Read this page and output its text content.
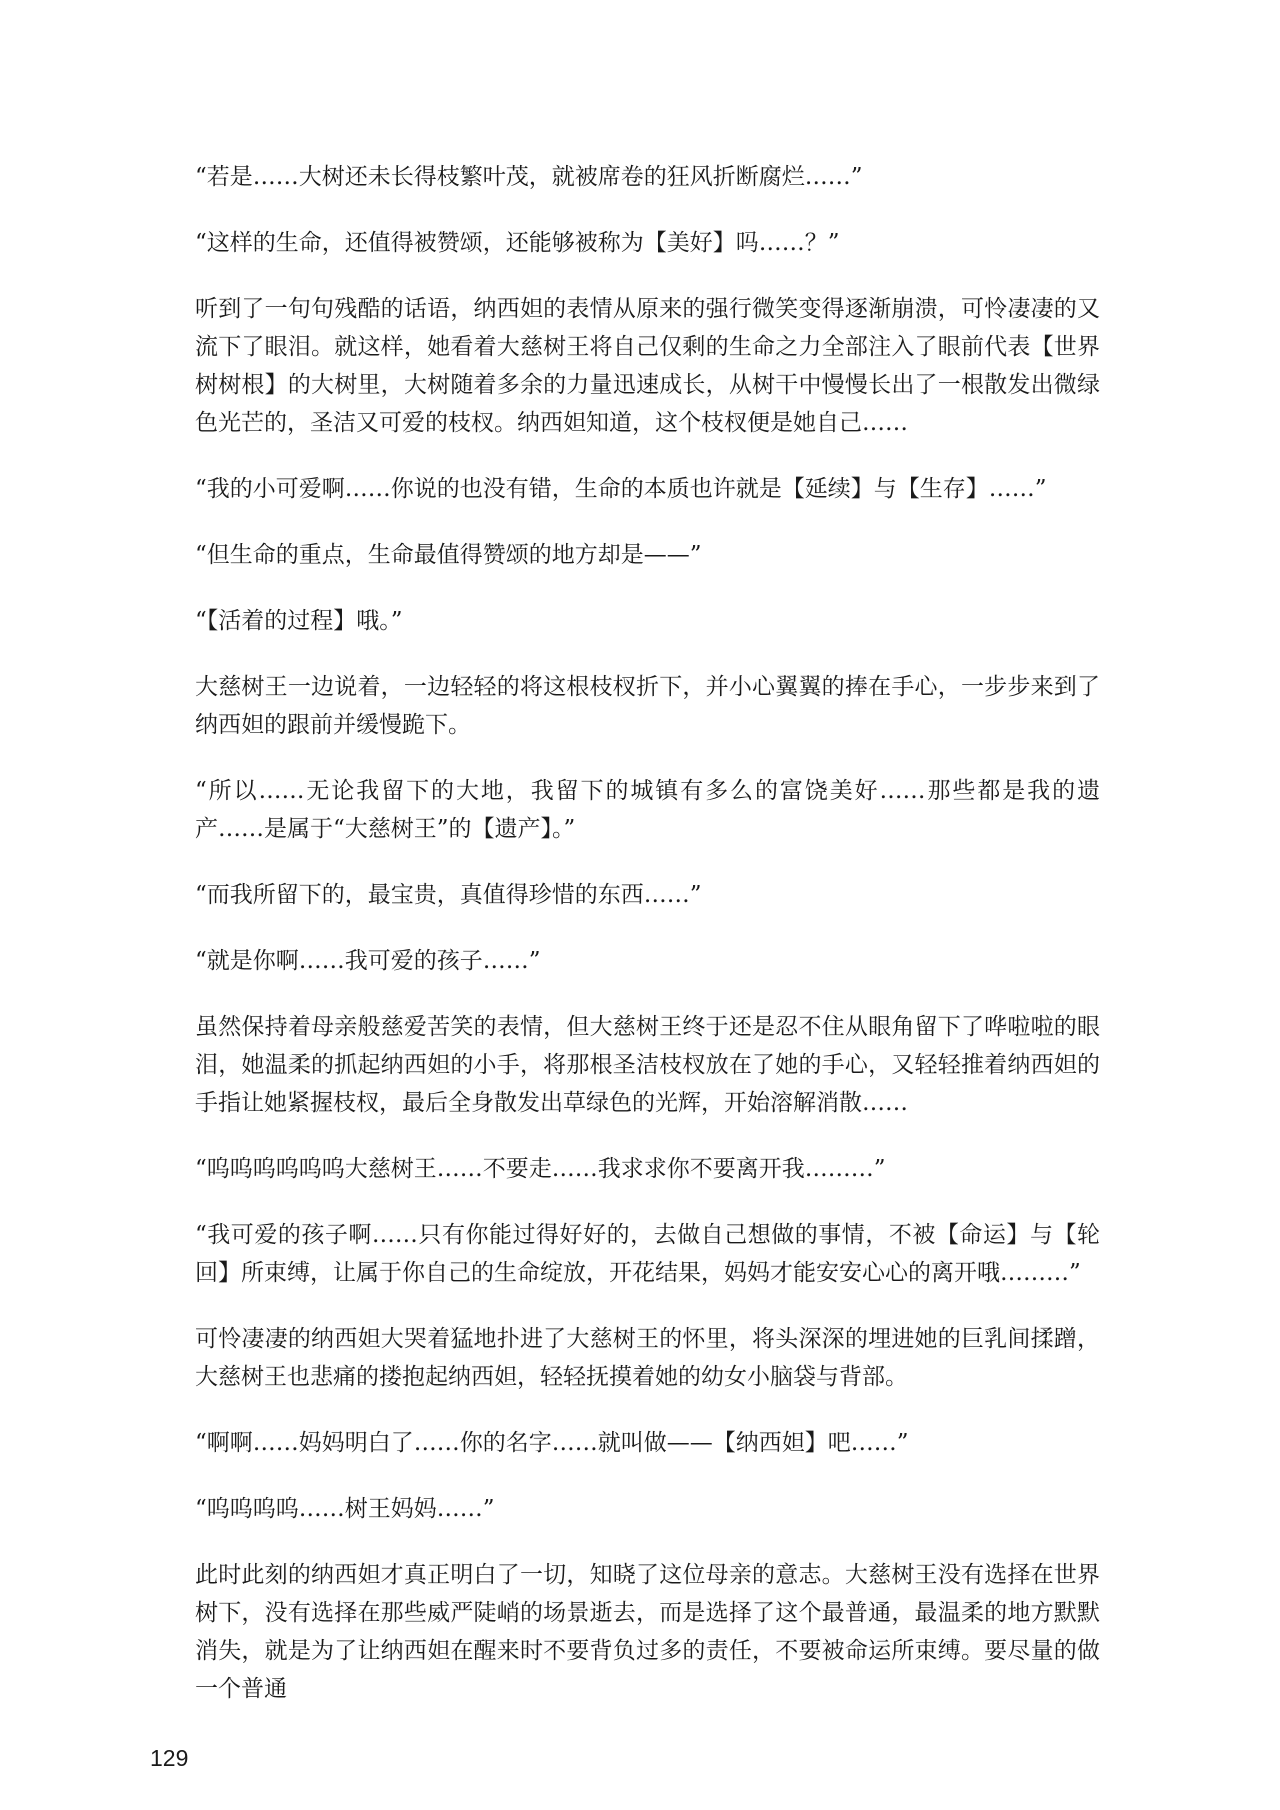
“若是……大树还未长得枝繁叶茂，就被席卷的狂风折断腐烂……”

“这样的生命，还值得被赞颂，还能够被称为【美好】吗……？”

听到了一句句残酷的话语，纳西妲的表情从原来的强行微笑变得逐渐崩溃，可怜凄凄的又流下了眼泪。就这样，她看着大慈树王将自己仅剩的生命之力全部注入了眼前代表【世界树树根】的大树里，大树随着多余的力量迅速成长，从树干中慢慢长出了一根散发出微绿色光芒的，圣洁又可爱的枝杈。纳西妲知道，这个枝杈便是她自己……

“我的小可爱啊……你说的也没有错，生命的本质也许就是【延续】与【生存】……”

“但生命的重点，生命最值得赞颂的地方却是——”

“【活着的过程】哦。”

大慈树王一边说着，一边轻轻的将这根枝杈折下，并小心翼翼的捧在手心，一步步来到了纳西妲的跟前并缓慢跪下。

“所以……无论我留下的大地，我留下的城镇有多么的富饶美好……那些都是我的遗产……是属于“大慈树王”的【遗产】。”

“而我所留下的，最宝贵，真值得珍惜的东西……”

“就是你啊……我可爱的孩子……”

虽然保持着母亲般慈爱苦笑的表情，但大慈树王终于还是忍不住从眼角留下了哗啦啦的眼泪，她温柔的抓起纳西妲的小手，将那根圣洁枝杈放在了她的手心，又轻轻推着纳西妲的手指让她紧握枝杈，最后全身散发出草绿色的光辉，开始溶解消散……

“呜呜呜呜呜呜大慈树王……不要走……我求求你不要离开我………”

“我可爱的孩子啊……只有你能过得好好的，去做自己想做的事情，不被【命运】与【轮回】所束缚，让属于你自己的生命绽放，开花结果，妈妈才能安安心心的离开哦………”

可怜凄凄的纳西妲大哭着猛地扑进了大慈树王的怀里，将头深深的埋进她的巨乳间揉蹭，大慈树王也悲痛的搂抱起纳西妲，轻轻抚摸着她的幼女小脑袋与背部。

“啊啊……妈妈明白了……你的名字……就叫做——【纳西妲】吧……”

“呜呜呜呜……树王妈妈……”

此时此刻的纳西妲才真正明白了一切，知晓了这位母亲的意志。大慈树王没有选择在世界树下，没有选择在那些威严陡峭的场景逝去，而是选择了这个最普通，最温柔的地方默默消失，就是为了让纳西妲在醒来时不要背负过多的责任，不要被命运所束缚。要尽量的做一个普通

129
